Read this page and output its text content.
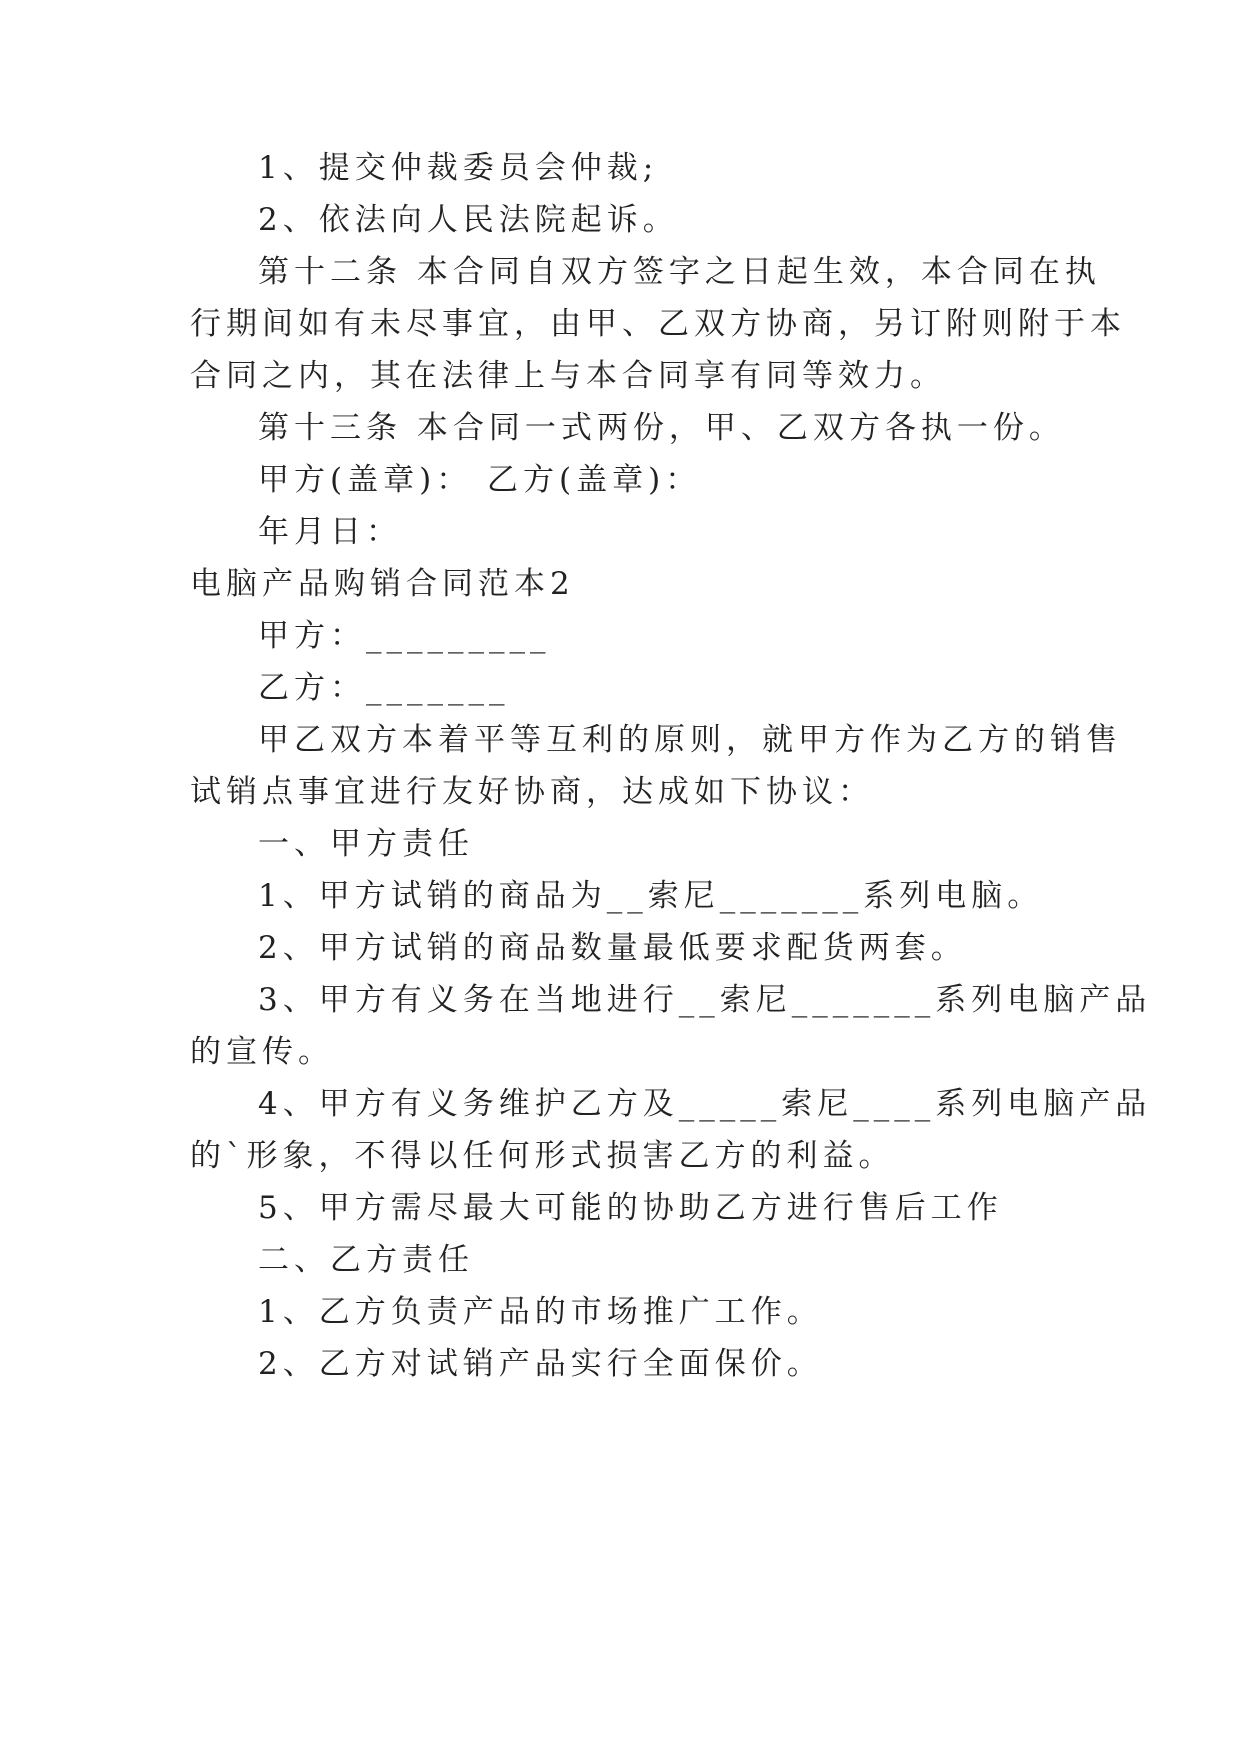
1、提交仲裁委员会仲裁;
2、依法向人民法院起诉。
第十二条 本合同自双方签字之日起生效，本合同在执
行期间如有未尽事宜，由甲、乙双方协商，另订附则附于本
合同之内，其在法律上与本合同享有同等效力。
第十三条 本合同一式两份，甲、乙双方各执一份。
甲方(盖章)： 乙方(盖章)：
年月日：
电脑产品购销合同范本2
甲方：_________
乙方：_______
甲乙双方本着平等互利的原则，就甲方作为乙方的销售
试销点事宜进行友好协商，达成如下协议：
一、甲方责任
1、甲方试销的商品为__索尼_______系列电脑。
2、甲方试销的商品数量最低要求配货两套。
3、甲方有义务在当地进行__索尼_______系列电脑产品
的宣传。
4、甲方有义务维护乙方及_____索尼____系列电脑产品
的`形象，不得以任何形式损害乙方的利益。
5、甲方需尽最大可能的协助乙方进行售后工作
二、乙方责任
1、乙方负责产品的市场推广工作。
2、乙方对试销产品实行全面保价。
